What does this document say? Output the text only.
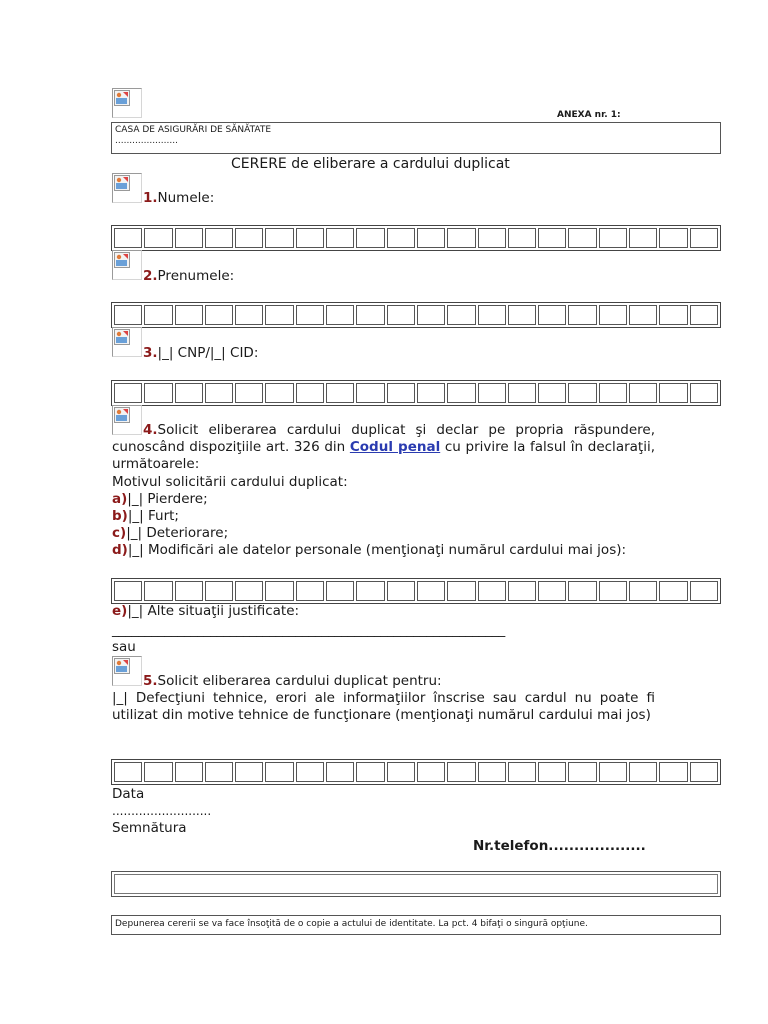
ANEXA nr. 1:
CASA DE ASIGURĂRI DE SĂNĂTATE
......................
CERERE de eliberare a cardului duplicat
1.Numele:
2.Prenumele:
3.|_| CNP/|_| CID:
4.Solicit eliberarea cardului duplicat şi declar pe propria răspundere, cunoscând dispoziţiile art. 326 din Codul penal cu privire la falsul în declaraţii, următoarele:
Motivul solicitării cardului duplicat:
a)|_| Pierdere;
b)|_| Furt;
c)|_| Deteriorare;
d)|_| Modificări ale datelor personale (menţionaţi numărul cardului mai jos):
e)|_| Alte situaţii justificate:
____________________________________________________________
sau
5.Solicit eliberarea cardului duplicat pentru:
|_| Defecţiuni tehnice, erori ale informaţiilor înscrise sau cardul nu poate fi utilizat din motive tehnice de funcţionare (menţionaţi numărul cardului mai jos)
Data
..........................
Semnătura
Nr.telefon...................
Depunerea cererii se va face însoţită de o copie a actului de identitate. La pct. 4 bifaţi o singură opţiune.
